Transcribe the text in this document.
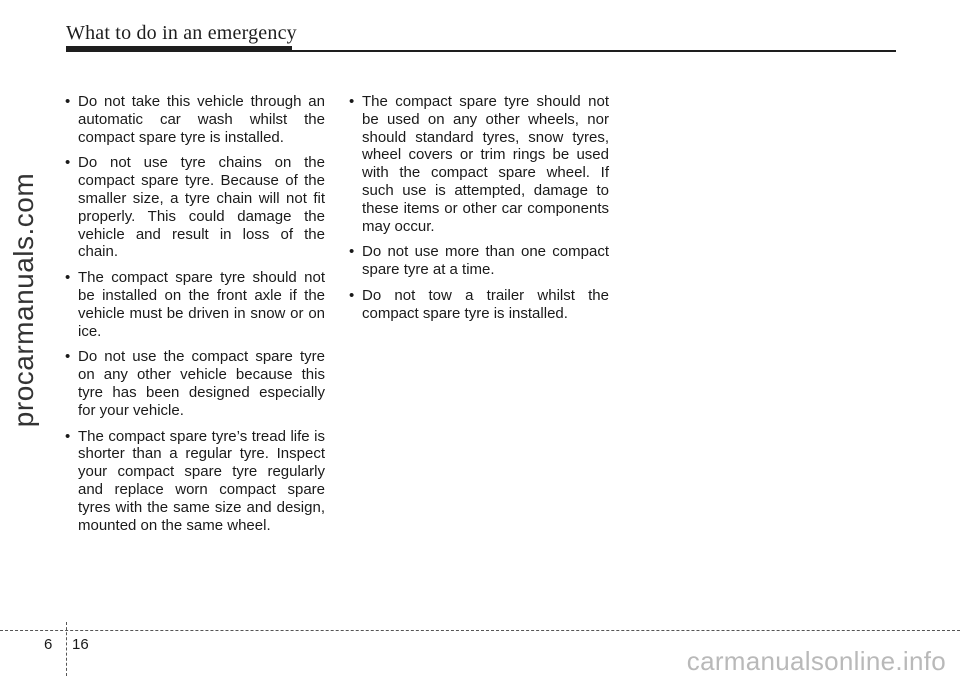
What to do in an emergency
procarmanuals.com
• Do not take this vehicle through an automatic car wash whilst the compact spare tyre is installed.
• Do not use tyre chains on the compact spare tyre. Because of the smaller size, a tyre chain will not fit properly. This could damage the vehicle and result in loss of the chain.
• The compact spare tyre should not be installed on the front axle if the vehicle must be driven in snow or on ice.
• Do not use the compact spare tyre on any other vehicle because this tyre has been designed especially for your vehicle.
• The compact spare tyre’s tread life is shorter than a regular tyre. Inspect your compact spare tyre regularly and replace worn compact spare tyres with the same size and design, mounted on the same wheel.
• The compact spare tyre should not be used on any other wheels, nor should standard tyres, snow tyres, wheel covers or trim rings be used with the compact spare wheel. If such use is attempted, damage to these items or other car components may occur.
• Do not use more than one compact spare tyre at a time.
• Do not tow a trailer whilst the compact spare tyre is installed.
6 16
carmanualsonline.info
